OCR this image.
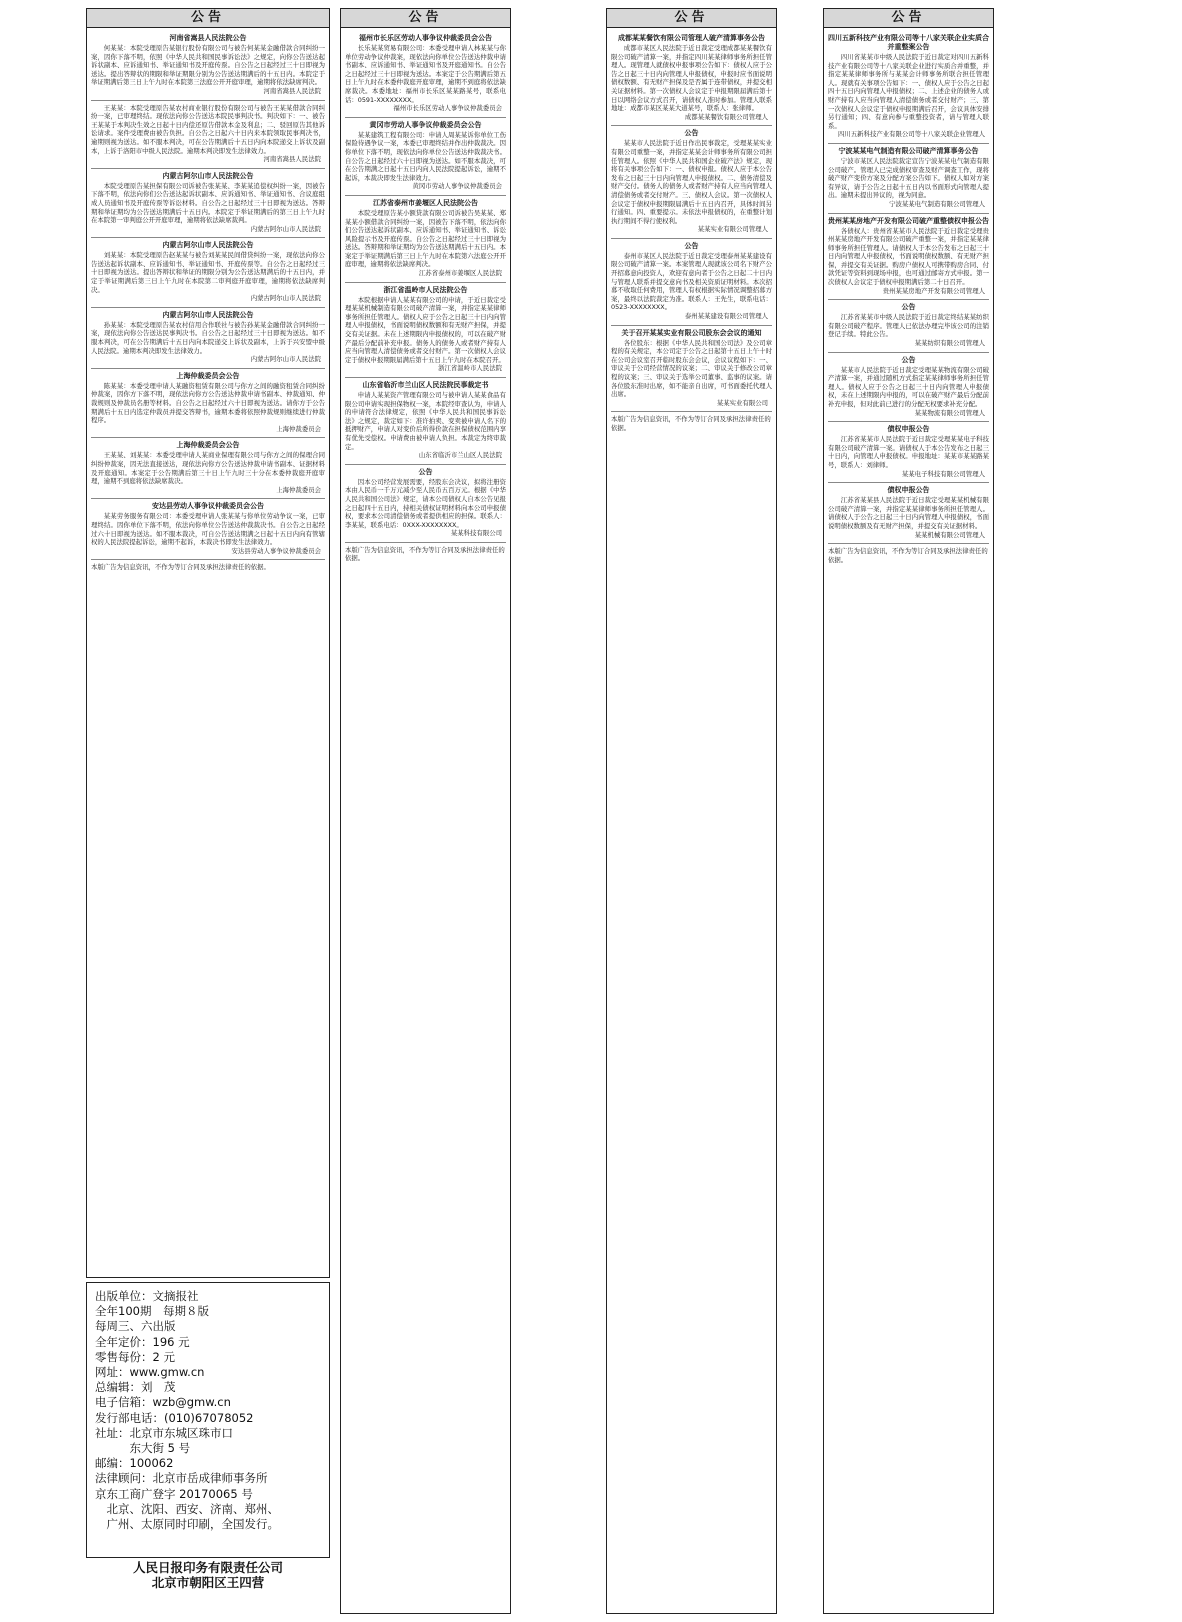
公告
河南省嵩县人民法院公告
何某某：本院受理原告某银行股份有限公司与被告何某某金融借款合同纠纷一案，因你下落不明，依照《中华人民共和国民事诉讼法》之规定，向你公告送达起诉状副本、应诉通知书、举证通知书及开庭传票。自公告之日起经过三十日即视为送达。提出答辩状的期限和举证期限分别为公告送达期满后的十五日内。本院定于举证期满后第三日上午九时在本院第三法庭公开开庭审理，逾期将依法缺席判决。
河南省嵩县人民法院
王某某：本院受理原告某农村商业银行股份有限公司与被告王某某借款合同纠纷一案，已审理终结。现依法向你公告送达本院民事判决书。判决如下：一、被告王某某于本判决生效之日起十日内偿还原告借款本金及利息；二、驳回原告其他诉讼请求。案件受理费由被告负担。自公告之日起六十日内来本院领取民事判决书，逾期则视为送达。如不服本判决，可在公告期满后十五日内向本院递交上诉状及副本，上诉于洛阳市中级人民法院。逾期本判决即发生法律效力。
河南省嵩县人民法院
内蒙古阿尔山市人民法院公告
本院受理原告某担保有限公司诉被告张某某、李某某追偿权纠纷一案，因被告下落不明，依法向你们公告送达起诉状副本、应诉通知书、举证通知书、合议庭组成人员通知书及开庭传票等诉讼材料。自公告之日起经过三十日即视为送达。答辩期和举证期均为公告送达期满后十五日内。本院定于举证期满后的第三日上午九时在本院第一审判庭公开开庭审理，逾期将依法缺席裁判。
内蒙古阿尔山市人民法院
内蒙古阿尔山市人民法院公告
刘某某：本院受理原告赵某某与被告刘某某民间借贷纠纷一案，现依法向你公告送达起诉状副本、应诉通知书、举证通知书、开庭传票等。自公告之日起经过三十日即视为送达。提出答辩状和举证的期限分别为公告送达期满后的十五日内，并定于举证期满后第三日上午九时在本院第二审判庭开庭审理，逾期将依法缺席判决。
内蒙古阿尔山市人民法院
内蒙古阿尔山市人民法院公告
孙某某：本院受理原告某农村信用合作联社与被告孙某某金融借款合同纠纷一案，现依法向你公告送达民事判决书。自公告之日起经过三十日即视为送达。如不服本判决，可在公告期满后十五日内向本院递交上诉状及副本，上诉于兴安盟中级人民法院。逾期本判决即发生法律效力。
内蒙古阿尔山市人民法院
上海仲裁委员会公告
陈某某：本委受理申请人某融资租赁有限公司与你方之间的融资租赁合同纠纷仲裁案，因你方下落不明，现依法向你方公告送达仲裁申请书副本、仲裁通知、仲裁规则及仲裁员名册等材料。自公告之日起经过六十日即视为送达。请你方于公告期满后十五日内选定仲裁员并提交答辩书，逾期本委将依照仲裁规则继续进行仲裁程序。
上海仲裁委员会
上海仲裁委员会公告
王某某、刘某某：本委受理申请人某商业保理有限公司与你方之间的保理合同纠纷仲裁案，因无法直接送达，现依法向你方公告送达仲裁申请书副本、证据材料及开庭通知。本案定于公告期满后第三十日上午九时三十分在本委仲裁庭开庭审理，逾期不到庭将依法缺席裁决。
上海仲裁委员会
安达县劳动人事争议仲裁委员会公告
某某劳务服务有限公司：本委受理申请人张某某与你单位劳动争议一案，已审理终结。因你单位下落不明，依法向你单位公告送达仲裁裁决书。自公告之日起经过六十日即视为送达。如不服本裁决，可自公告送达期满之日起十五日内向有管辖权的人民法院提起诉讼，逾期不起诉，本裁决书即发生法律效力。
安达县劳动人事争议仲裁委员会
本版广告为信息资讯，不作为等订合同及承担法律责任的依据。
公告
福州市长乐区劳动人事争议仲裁委员会公告
长乐某某贸易有限公司：本委受理申请人林某某与你单位劳动争议仲裁案，现依法向你单位公告送达仲裁申请书副本、应诉通知书、举证通知书及开庭通知书。自公告之日起经过三十日即视为送达。本案定于公告期满后第五日上午九时在本委仲裁庭开庭审理，逾期不到庭将依法缺席裁决。本委地址：福州市长乐区某某路某号，联系电话：0591-XXXXXXXX。
福州市长乐区劳动人事争议仲裁委员会
黄冈市劳动人事争议仲裁委员会公告
某某建筑工程有限公司：申请人周某某诉你单位工伤保险待遇争议一案，本委已审理终结并作出仲裁裁决。因你单位下落不明，现依法向你单位公告送达仲裁裁决书。自公告之日起经过六十日即视为送达。如不服本裁决，可在公告期满之日起十五日内向人民法院提起诉讼，逾期不起诉，本裁决即发生法律效力。
黄冈市劳动人事争议仲裁委员会
江苏省泰州市姜堰区人民法院公告
本院受理原告某小额贷款有限公司诉被告吴某某、郑某某小额借款合同纠纷一案，因被告下落不明，依法向你们公告送达起诉状副本、应诉通知书、举证通知书、诉讼风险提示书及开庭传票。自公告之日起经过三十日即视为送达。答辩期和举证期均为公告送达期满后十五日内。本案定于举证期满后第三日上午九时在本院第六法庭公开开庭审理，逾期将依法缺席判决。
江苏省泰州市姜堰区人民法院
浙江省温岭市人民法院公告
本院根据申请人某某有限公司的申请，于近日裁定受理某某机械制造有限公司破产清算一案，并指定某某律师事务所担任管理人。债权人应于公告之日起三十日内向管理人申报债权，书面说明债权数额和有无财产担保，并提交有关证据。未在上述期限内申报债权的，可以在破产财产最后分配前补充申报。债务人的债务人或者财产持有人应当向管理人清偿债务或者交付财产。第一次债权人会议定于债权申报期限届满后第十五日上午九时在本院召开。
浙江省温岭市人民法院
山东省临沂市兰山区人民法院民事裁定书
申请人某某资产管理有限公司与被申请人某某食品有限公司申请实现担保物权一案，本院经审查认为，申请人的申请符合法律规定，依照《中华人民共和国民事诉讼法》之规定，裁定如下：准许拍卖、变卖被申请人名下的抵押财产，申请人对变价后所得价款在担保债权范围内享有优先受偿权。申请费由被申请人负担。本裁定为终审裁定。
山东省临沂市兰山区人民法院
公告
因本公司经营发展需要，经股东会决议，拟将注册资本由人民币一千万元减少至人民币五百万元。根据《中华人民共和国公司法》规定，请本公司债权人自本公告见报之日起四十五日内，持相关债权证明材料向本公司申报债权，要求本公司清偿债务或者提供相应的担保。联系人：李某某，联系电话：0XXX-XXXXXXXX。
某某科技有限公司
本版广告为信息资讯，不作为等订合同及承担法律责任的依据。
公告
成都某某餐饮有限公司管理人破产清算事务公告
成都市某区人民法院于近日裁定受理成都某某餐饮有限公司破产清算一案，并指定四川某某律师事务所担任管理人。现管理人就债权申报事项公告如下：债权人应于公告之日起三十日内向管理人申报债权，申报时应书面说明债权数额、有无财产担保及是否属于连带债权，并提交相关证据材料。第一次债权人会议定于申报期限届满后第十日以网络会议方式召开，请债权人准时参加。管理人联系地址：成都市某区某某大道某号，联系人：张律师。
成都某某餐饮有限公司管理人
公告
某某市人民法院于近日作出民事裁定，受理某某实业有限公司重整一案，并指定某某会计师事务所有限公司担任管理人。依照《中华人民共和国企业破产法》规定，现将有关事项公告如下：一、债权申报。债权人应于本公告发布之日起三十日内向管理人申报债权。二、债务清偿及财产交付。债务人的债务人或者财产持有人应当向管理人清偿债务或者交付财产。三、债权人会议。第一次债权人会议定于债权申报期限届满后十五日内召开，具体时间另行通知。四、重要提示。未依法申报债权的，在重整计划执行期间不得行使权利。
某某实业有限公司管理人
公告
泰州市某区人民法院于近日裁定受理泰州某某建设有限公司破产清算一案。本案管理人现就该公司名下财产公开招募意向投资人，欢迎有意向者于公告之日起二十日内与管理人联系并提交意向书及相关资质证明材料。本次招募不收取任何费用，管理人有权根据实际情况调整招募方案，最终以法院裁定为准。联系人：王先生，联系电话：0523-XXXXXXXX。
泰州某某建设有限公司管理人
关于召开某某实业有限公司股东会会议的通知
各位股东：根据《中华人民共和国公司法》及公司章程的有关规定，本公司定于公告之日起第十五日上午十时在公司会议室召开临时股东会会议，会议议程如下：一、审议关于公司经营情况的议案；二、审议关于修改公司章程的议案；三、审议关于选举公司董事、监事的议案。请各位股东准时出席，如不能亲自出席，可书面委托代理人出席。
某某实业有限公司
本版广告为信息资讯，不作为等订合同及承担法律责任的依据。
公告
四川五新科技产业有限公司等十八家关联企业实质合并重整案公告
四川省某某市中级人民法院于近日裁定对四川五新科技产业有限公司等十八家关联企业进行实质合并重整，并指定某某律师事务所与某某会计师事务所联合担任管理人。现就有关事项公告如下：一、债权人应于公告之日起四十五日内向管理人申报债权；二、上述企业的债务人或财产持有人应当向管理人清偿债务或者交付财产；三、第一次债权人会议定于债权申报期满后召开，会议具体安排另行通知；四、有意向参与重整投资者，请与管理人联系。
四川五新科技产业有限公司等十八家关联企业管理人
宁波某某电气制造有限公司破产清算事务公告
宁波市某区人民法院裁定宣告宁波某某电气制造有限公司破产。管理人已完成债权审查及财产调查工作，现将破产财产变价方案及分配方案公告如下。债权人如对方案有异议，请于公告之日起十五日内以书面形式向管理人提出。逾期未提出异议的，视为同意。
宁波某某电气制造有限公司管理人
贵州某某房地产开发有限公司破产重整债权申报公告
各债权人：贵州省某某市人民法院于近日裁定受理贵州某某房地产开发有限公司破产重整一案，并指定某某律师事务所担任管理人。请债权人于本公告发布之日起三十日内向管理人申报债权，书面说明债权数额、有无财产担保，并提交有关证据。购房户债权人可携带购房合同、付款凭证等资料到现场申报，也可通过邮寄方式申报。第一次债权人会议定于债权申报期满后第二十日召开。
贵州某某房地产开发有限公司管理人
公告
江苏省某某市中级人民法院于近日裁定终结某某纺织有限公司破产程序。管理人已依法办理完毕该公司的注销登记手续。特此公告。
某某纺织有限公司管理人
公告
某某市人民法院于近日裁定受理某某物流有限公司破产清算一案，并通过随机方式指定某某律师事务所担任管理人。债权人应于公告之日起三十日内向管理人申报债权，未在上述期限内申报的，可以在破产财产最后分配前补充申报，但对此前已进行的分配无权要求补充分配。
某某物流有限公司管理人
债权申报公告
江苏省某某市人民法院于近日裁定受理某某电子科技有限公司破产清算一案。请债权人于本公告发布之日起三十日内，向管理人申报债权。申报地址：某某市某某路某号，联系人：刘律师。
某某电子科技有限公司管理人
债权申报公告
江苏省某某县人民法院于近日裁定受理某某机械有限公司破产清算一案，并指定某某律师事务所担任管理人。请债权人于公告之日起三十日内向管理人申报债权，书面说明债权数额及有无财产担保，并提交有关证据材料。
某某机械有限公司管理人
本版广告为信息资讯，不作为等订合同及承担法律责任的依据。
出版单位：文摘报社
全年100期　每期８版
每周三、六出版
全年定价：196 元
零售每份：2 元
网址：www.gmw.cn
总编辑：刘　茂
电子信箱：wzb@gmw.cn
发行部电话：(010)67078052
社址：北京市东城区珠市口
　　　东大街 5 号
邮编：100062
法律顾问：北京市岳成律师事务所
京东工商广登字 20170065 号
　北京、沈阳、西安、济南、郑州、
　广州、太原同时印刷，全国发行。
人民日报印务有限责任公司
北京市朝阳区王四营
